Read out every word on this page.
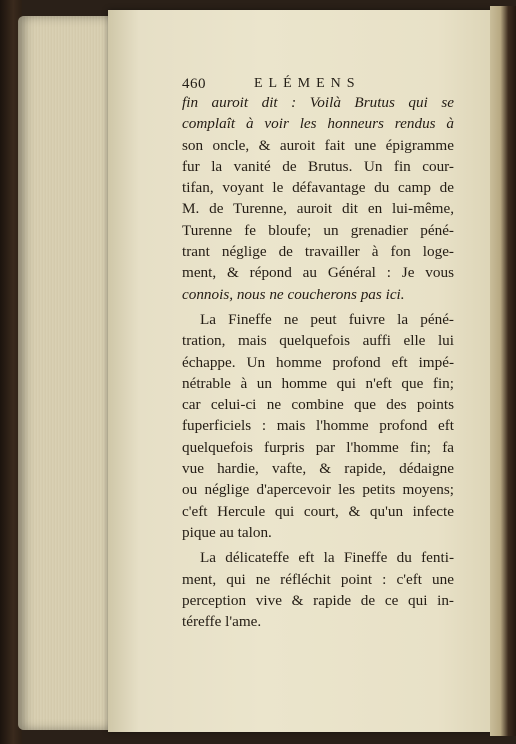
460	ELÉMENS
fin auroit dit : Voilà Brutus qui se
complaît à voir les honneurs rendus à
son oncle, & auroit fait une épigramme
fur la vanité de Brutus. Un fin cour-
tifan, voyant le défavantage du camp de
M. de Turenne, auroit dit en lui-même,
Turenne fe bloufe; un grenadier péné-
trant néglige de travailler à fon loge-
ment, & répond au Général : Je vous
connois, nous ne coucherons pas ici.
La Fineffe ne peut fuivre la péné-
tration, mais quelquefois auffi elle lui
échappe. Un homme profond eft impé-
nétrable à un homme qui n'eft que fin;
car celui-ci ne combine que des points
fuperficiels : mais l'homme profond eft
quelquefois furpris par l'homme fin; fa
vue hardie, vafte, & rapide, dédaigne
ou néglige d'apercevoir les petits moyens;
c'eft Hercule qui court, & qu'un infecte
pique au talon.
La délicateffe eft la Fineffe du fenti-
ment, qui ne réfléchit point : c'eft une
perception vive & rapide de ce qui in-
téreffe l'ame.
